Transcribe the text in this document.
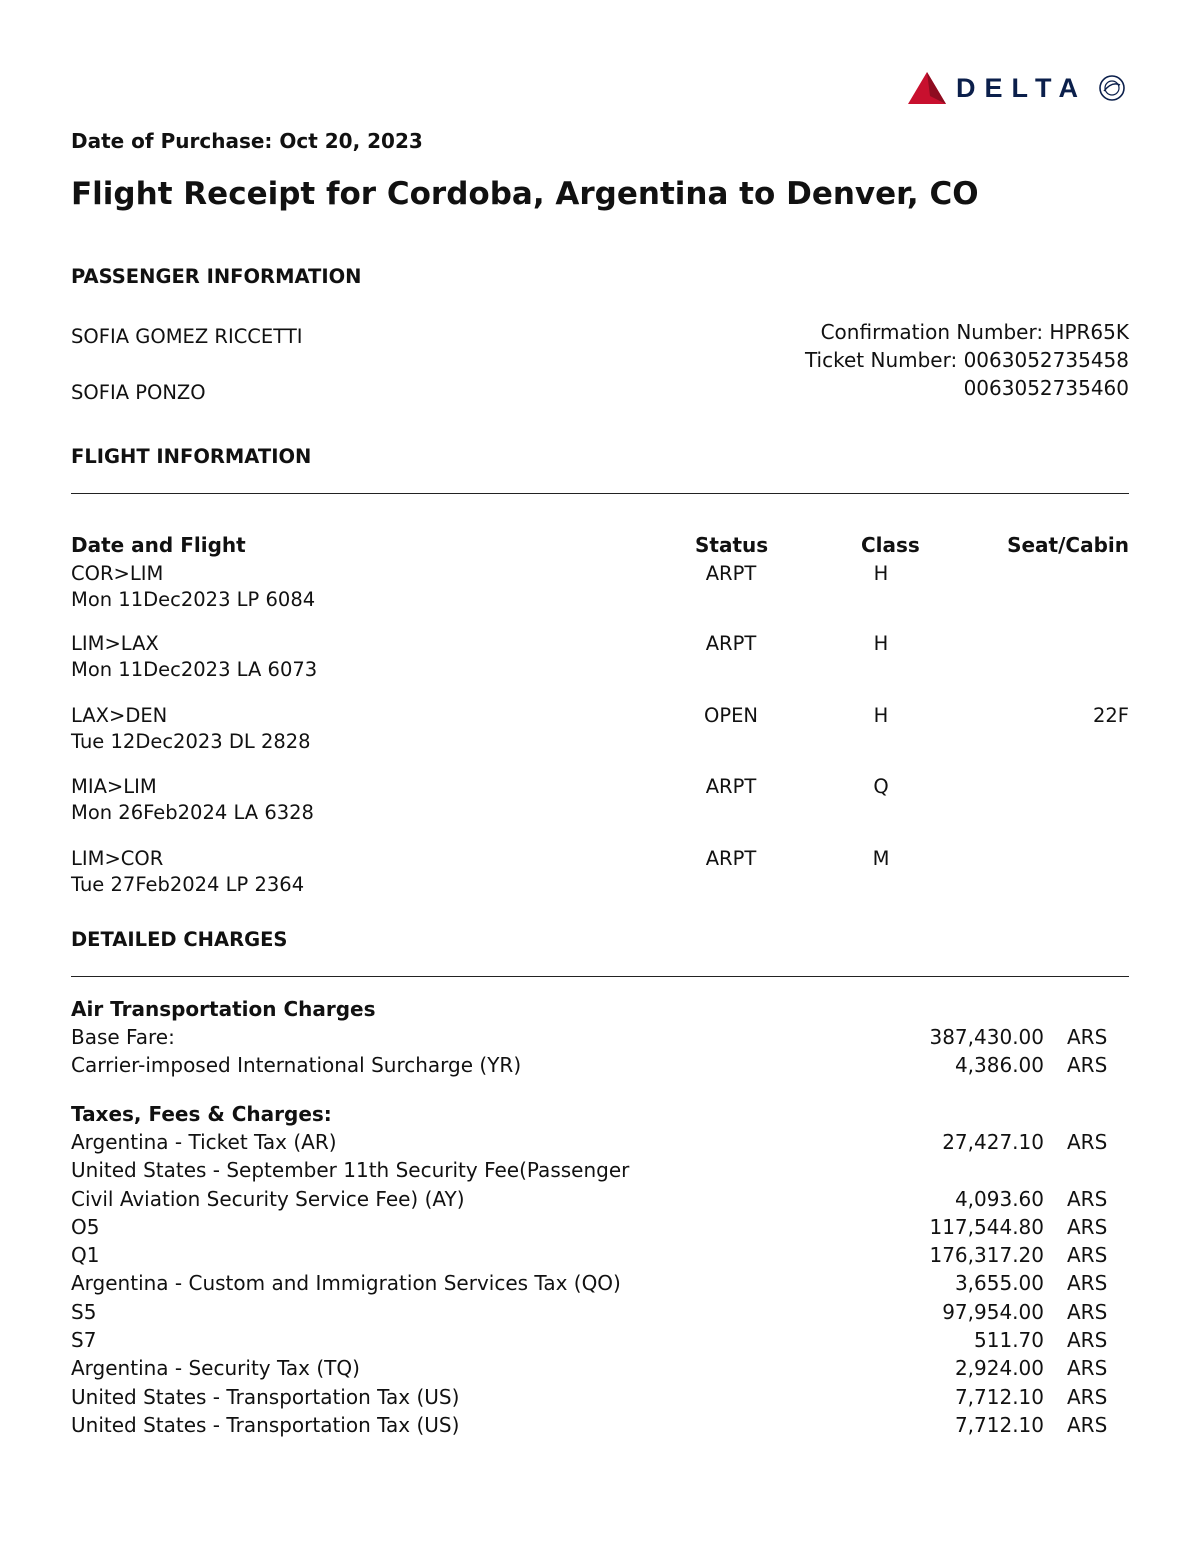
DELTA
Date of Purchase: Oct 20, 2023
Flight Receipt for Cordoba, Argentina to Denver, CO
PASSENGER INFORMATION
SOFIA GOMEZ RICCETTI
SOFIA PONZO
Confirmation Number: HPR65K
Ticket Number: 0063052735458
0063052735460
FLIGHT INFORMATION
Date and Flight	Status	Class	Seat/Cabin
COR>LIM
Mon 11Dec2023 LP 6084
ARPT	H
LIM>LAX
Mon 11Dec2023 LA 6073
ARPT	H
LAX>DEN
Tue 12Dec2023 DL 2828
OPEN	H	22F
MIA>LIM
Mon 26Feb2024 LA 6328
ARPT	Q
LIM>COR
Tue 27Feb2024 LP 2364
ARPT	M
DETAILED CHARGES
Air Transportation Charges
Base Fare:	387,430.00 ARS
Carrier-imposed International Surcharge (YR)	4,386.00 ARS
Taxes, Fees & Charges:
Argentina - Ticket Tax (AR)	27,427.10 ARS
United States - September 11th Security Fee(Passenger
Civil Aviation Security Service Fee) (AY)	4,093.60 ARS
O5	117,544.80 ARS
Q1	176,317.20 ARS
Argentina - Custom and Immigration Services Tax (QO)	3,655.00 ARS
S5	97,954.00 ARS
S7	511.70 ARS
Argentina - Security Tax (TQ)	2,924.00 ARS
United States - Transportation Tax (US)	7,712.10 ARS
United States - Transportation Tax (US)	7,712.10 ARS
